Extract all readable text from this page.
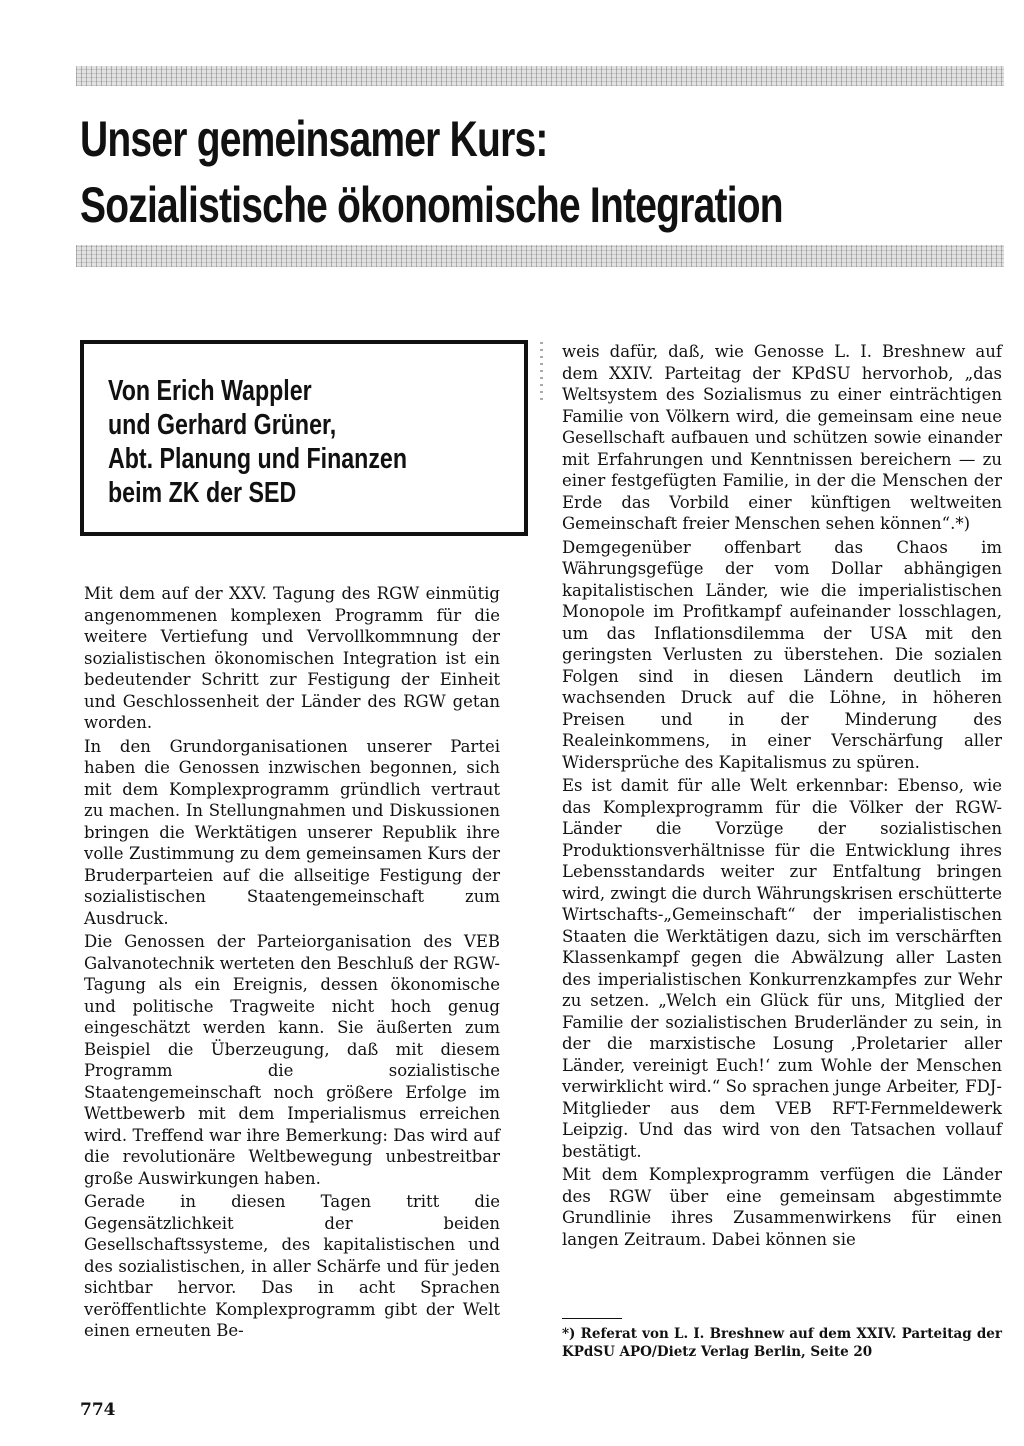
Unser gemeinsamer Kurs:
Sozialistische ökonomische Integration

Von Erich Wappler

und Gerhard Grüner,

Abt. Planung und Finanzen

beim ZK der SED

Mit dem auf der XXV. Tagung des RGW einmütig angenommenen komplexen Programm für die weitere Vertiefung und Vervollkommnung der sozialistischen ökonomischen Integration ist ein bedeutender Schritt zur Festigung der Einheit und Geschlossenheit der Länder des RGW getan worden.

In den Grundorganisationen unserer Partei haben die Genossen inzwischen begonnen, sich mit dem Komplexprogramm gründlich vertraut zu machen. In Stellungnahmen und Diskussionen bringen die Werktätigen unserer Republik ihre volle Zustimmung zu dem gemeinsamen Kurs der Bruderparteien auf die allseitige Festigung der sozialistischen Staatengemeinschaft zum Ausdruck.

Die Genossen der Parteiorganisation des VEB Galvanotechnik werteten den Beschluß der RGW-Tagung als ein Ereignis, dessen ökonomische und politische Tragweite nicht hoch genug eingeschätzt werden kann. Sie äußerten zum Beispiel die Überzeugung, daß mit diesem Programm die sozialistische Staatengemeinschaft noch größere Erfolge im Wettbewerb mit dem Imperialismus erreichen wird. Treffend war ihre Bemerkung: Das wird auf die revolutionäre Weltbewegung unbestreitbar große Auswirkungen haben.

Gerade in diesen Tagen tritt die Gegensätzlichkeit der beiden Gesellschaftssysteme, des kapitalistischen und des sozialistischen, in aller Schärfe und für jeden sichtbar hervor. Das in acht Sprachen veröffentlichte Komplexprogramm gibt der Welt einen erneuten Be-

weis dafür, daß, wie Genosse L. I. Breshnew auf dem XXIV. Parteitag der KPdSU hervorhob, „das Weltsystem des Sozialismus zu einer einträchtigen Familie von Völkern wird, die gemeinsam eine neue Gesellschaft aufbauen und schützen sowie einander mit Erfahrungen und Kenntnissen bereichern — zu einer festgefügten Familie, in der die Menschen der Erde das Vorbild einer künftigen weltweiten Gemeinschaft freier Menschen sehen können“.*)

Demgegenüber offenbart das Chaos im Währungsgefüge der vom Dollar abhängigen kapitalistischen Länder, wie die imperialistischen Monopole im Profitkampf aufeinander losschlagen, um das Inflationsdilemma der USA mit den geringsten Verlusten zu überstehen. Die sozialen Folgen sind in diesen Ländern deutlich im wachsenden Druck auf die Löhne, in höheren Preisen und in der Minderung des Realeinkommens, in einer Verschärfung aller Widersprüche des Kapitalismus zu spüren.

Es ist damit für alle Welt erkennbar: Ebenso, wie das Komplexprogramm für die Völker der RGW-Länder die Vorzüge der sozialistischen Produktionsverhältnisse für die Entwicklung ihres Lebensstandards weiter zur Entfaltung bringen wird, zwingt die durch Währungskrisen erschütterte Wirtschafts-„Gemeinschaft“ der imperialistischen Staaten die Werktätigen dazu, sich im verschärften Klassenkampf gegen die Abwälzung aller Lasten des imperialistischen Konkurrenzkampfes zur Wehr zu setzen. „Welch ein Glück für uns, Mitglied der Familie der sozialistischen Bruderländer zu sein, in der die marxistische Losung ‚Proletarier aller Länder, vereinigt Euch!‘ zum Wohle der Menschen verwirklicht wird.“ So sprachen junge Arbeiter, FDJ-Mitglieder aus dem VEB RFT-Fernmeldewerk Leipzig. Und das wird von den Tatsachen vollauf bestätigt.

Mit dem Komplexprogramm verfügen die Länder des RGW über eine gemeinsam abgestimmte Grundlinie ihres Zusammenwirkens für einen langen Zeitraum. Dabei können sie

*) Referat von L. I. Breshnew auf dem XXIV. Parteitag der KPdSU APO/Dietz Verlag Berlin, Seite 20
774
